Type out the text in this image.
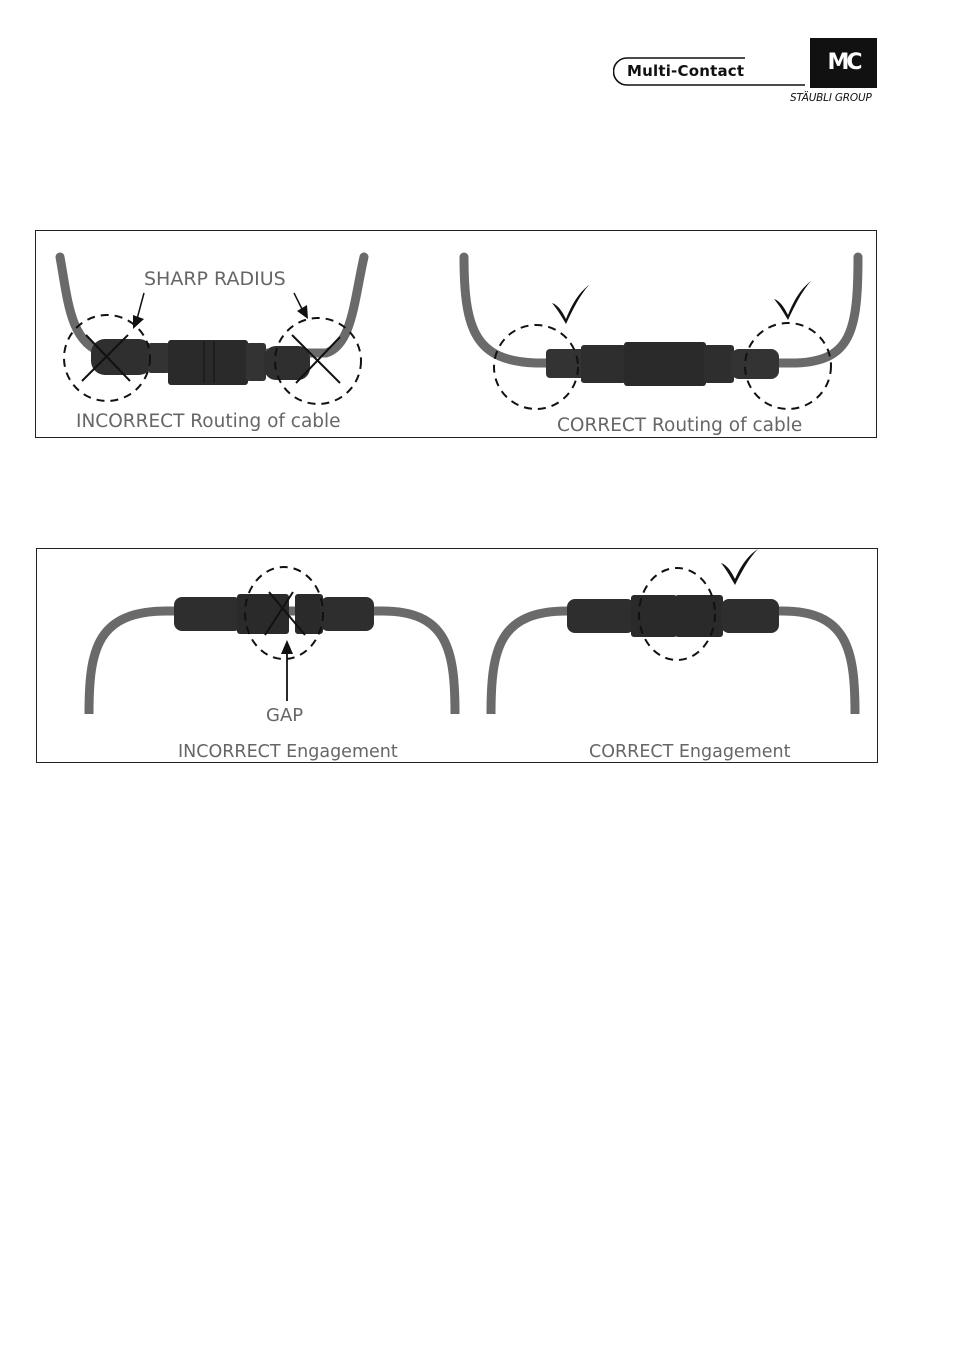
Multi-Contact	MC
STÄUBLI GROUP
SHARP RADIUS
INCORRECT Routing of cable	CORRECT Routing of cable
GAP
INCORRECT Engagement	CORRECT Engagement
